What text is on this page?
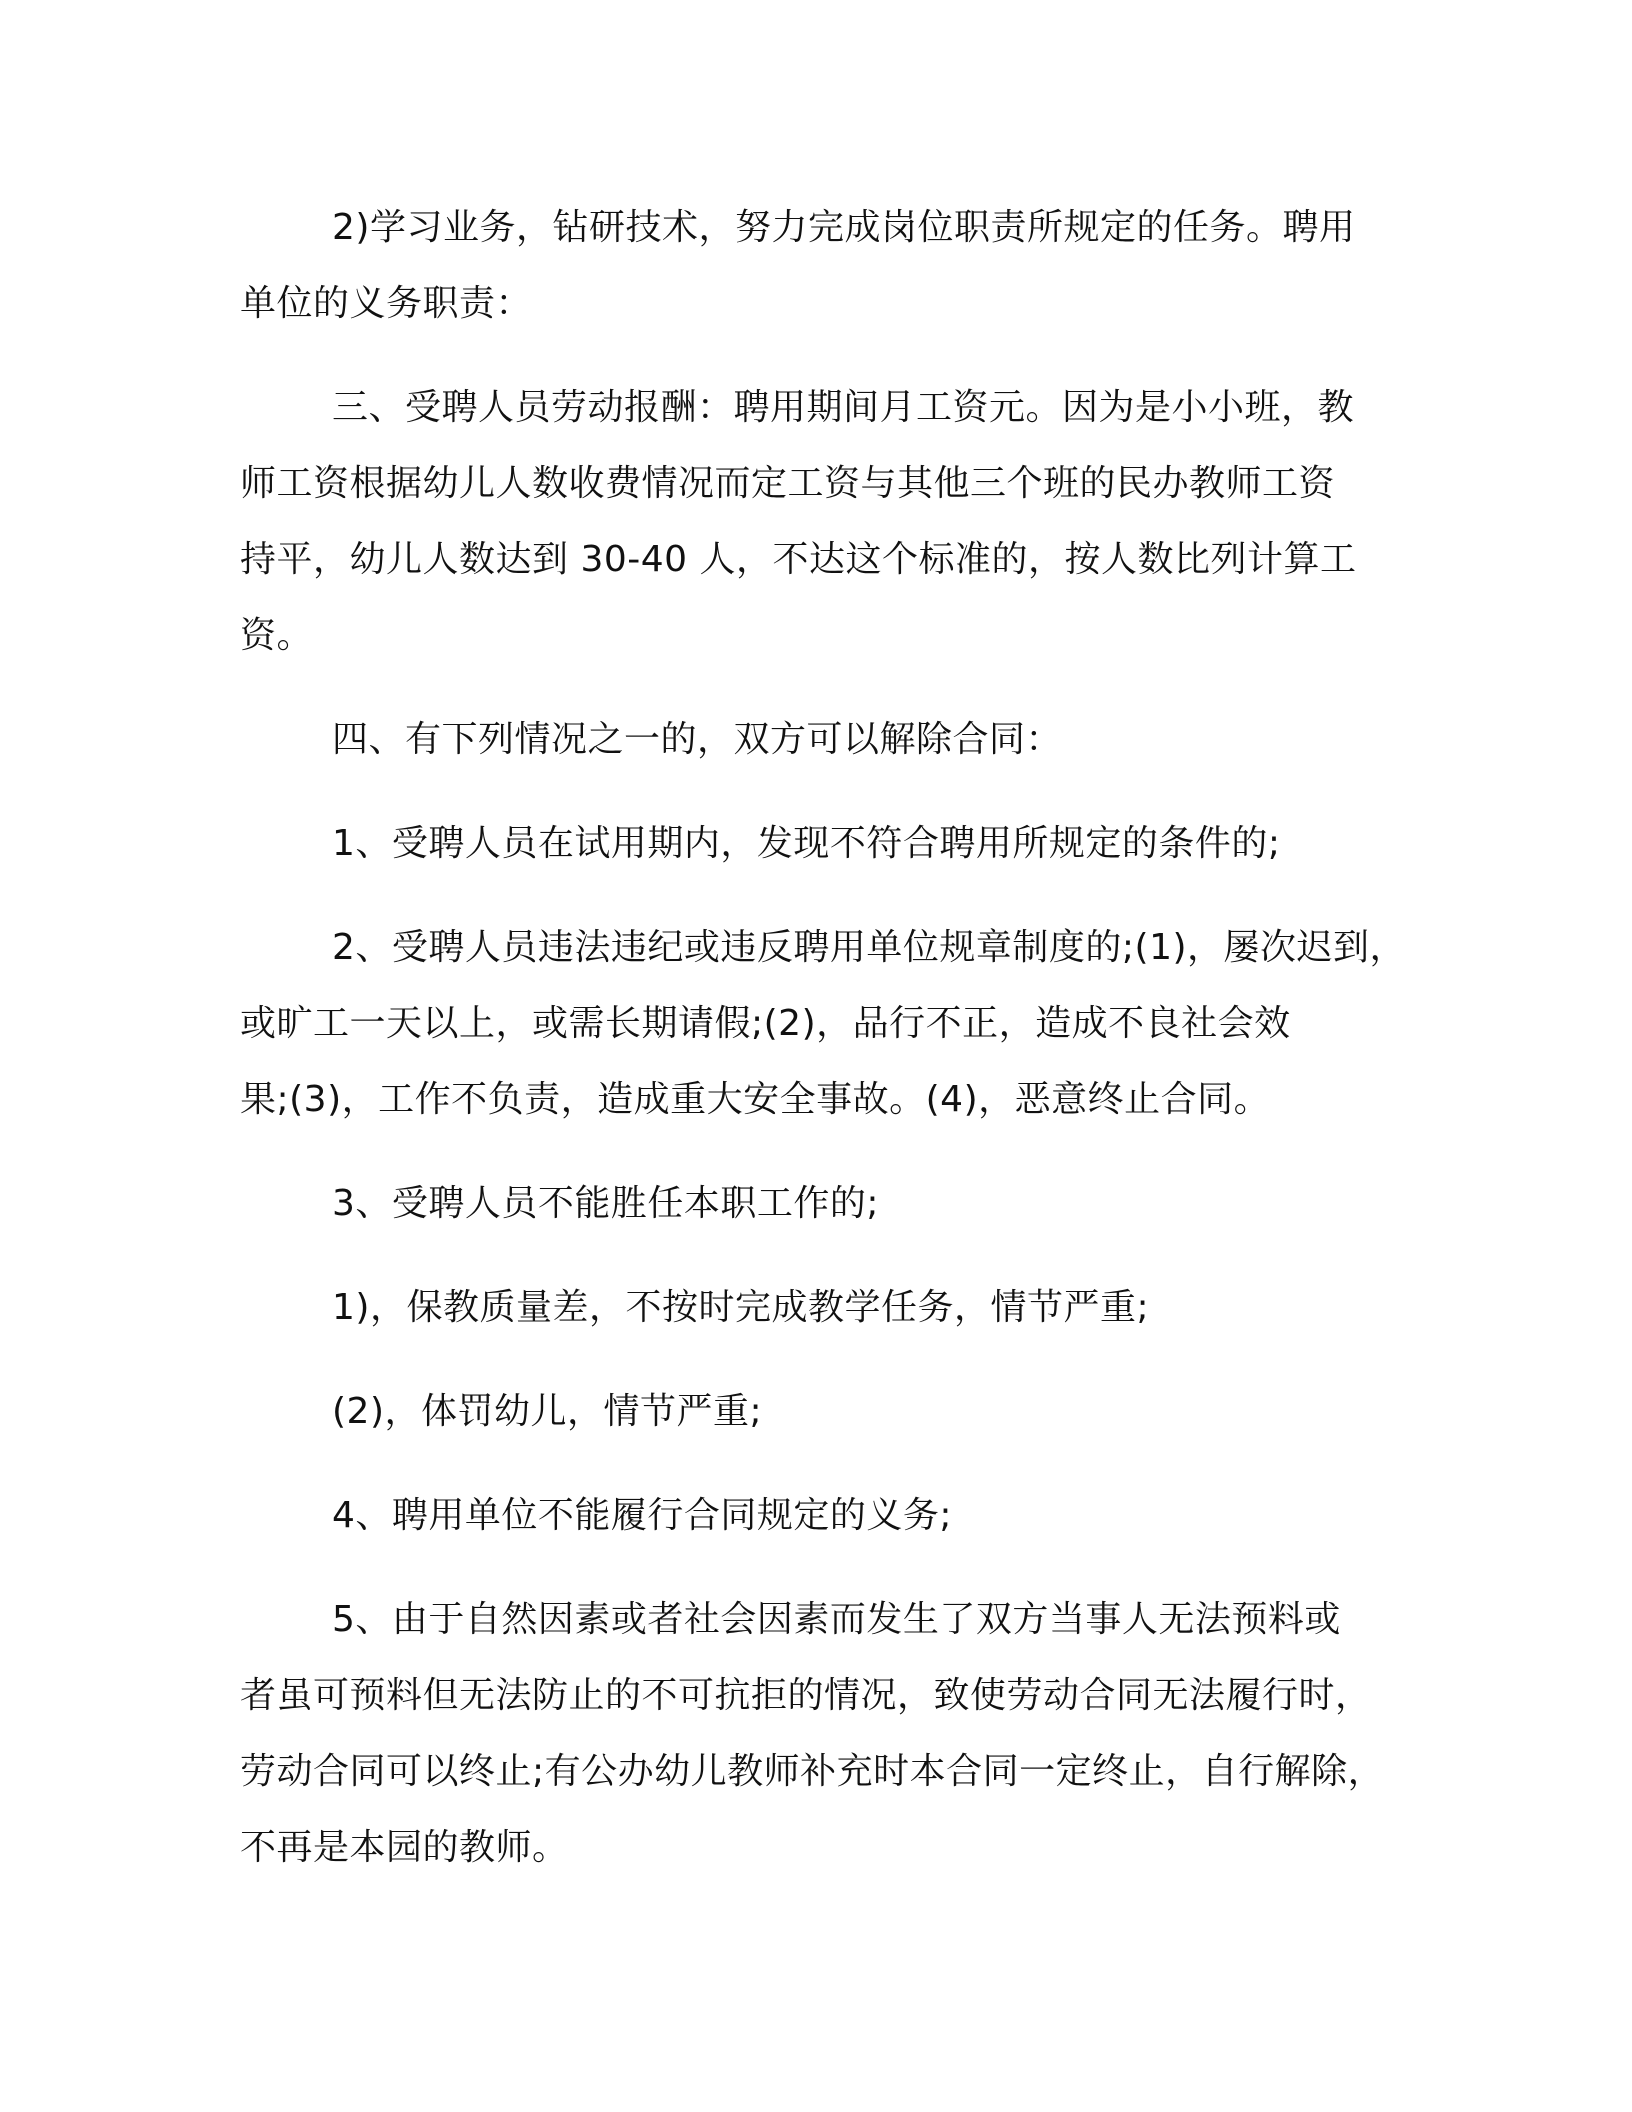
2)学习业务，钻研技术，努力完成岗位职责所规定的任务。聘用
单位的义务职责：

三、受聘人员劳动报酬：聘用期间月工资元。因为是小小班，教
师工资根据幼儿人数收费情况而定工资与其他三个班的民办教师工资
持平，幼儿人数达到 30-40 人，不达这个标准的，按人数比列计算工
资。

四、有下列情况之一的，双方可以解除合同：

1、受聘人员在试用期内，发现不符合聘用所规定的条件的;

2、受聘人员违法违纪或违反聘用单位规章制度的;(1)，屡次迟到，
或旷工一天以上，或需长期请假;(2)，品行不正，造成不良社会效
果;(3)，工作不负责，造成重大安全事故。(4)，恶意终止合同。

3、受聘人员不能胜任本职工作的;

1)，保教质量差，不按时完成教学任务，情节严重;

(2)，体罚幼儿，情节严重;

4、聘用单位不能履行合同规定的义务;

5、由于自然因素或者社会因素而发生了双方当事人无法预料或
者虽可预料但无法防止的不可抗拒的情况，致使劳动合同无法履行时，
劳动合同可以终止;有公办幼儿教师补充时本合同一定终止，自行解除，
不再是本园的教师。
